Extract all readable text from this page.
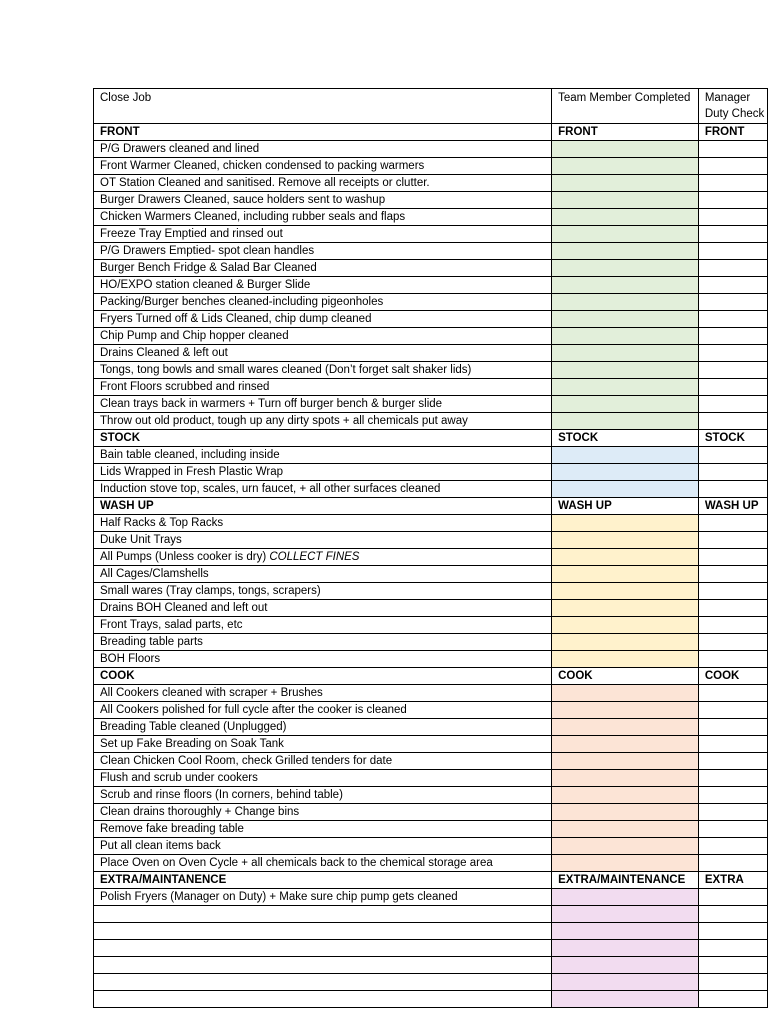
Close Job	Team Member Completed	Manager Duty Check
FRONT	FRONT	FRONT
P/G Drawers cleaned and lined		
Front Warmer Cleaned, chicken condensed to packing warmers		
OT Station Cleaned and sanitised. Remove all receipts or clutter.		
Burger Drawers Cleaned, sauce holders sent to washup		
Chicken Warmers Cleaned, including rubber seals and flaps		
Freeze Tray Emptied and rinsed out		
P/G Drawers Emptied- spot clean handles		
Burger Bench Fridge & Salad Bar Cleaned		
HO/EXPO station cleaned & Burger Slide		
Packing/Burger benches cleaned-including pigeonholes		
Fryers Turned off & Lids Cleaned, chip dump cleaned		
Chip Pump and Chip hopper cleaned		
Drains Cleaned & left out		
Tongs, tong bowls and small wares cleaned (Don’t forget salt shaker lids)		
Front Floors scrubbed and rinsed		
Clean trays back in warmers + Turn off burger bench & burger slide		
Throw out old product, tough up any dirty spots + all chemicals put away		
STOCK	STOCK	STOCK
Bain table cleaned, including inside		
Lids Wrapped in Fresh Plastic Wrap		
Induction stove top, scales, urn faucet, + all other surfaces cleaned		
WASH UP	WASH UP	WASH UP
Half Racks & Top Racks		
Duke Unit Trays		
All Pumps (Unless cooker is dry) COLLECT FINES		
All Cages/Clamshells		
Small wares (Tray clamps, tongs, scrapers)		
Drains BOH Cleaned and left out		
Front Trays, salad parts, etc		
Breading table parts		
BOH Floors		
COOK	COOK	COOK
All Cookers cleaned with scraper + Brushes		
All Cookers polished for full cycle after the cooker is cleaned		
Breading Table cleaned (Unplugged)		
Set up Fake Breading on Soak Tank		
Clean Chicken Cool Room, check Grilled tenders for date		
Flush and scrub under cookers		
Scrub and rinse floors (In corners, behind table)		
Clean drains thoroughly + Change bins		
Remove fake breading table		
Put all clean items back		
Place Oven on Oven Cycle + all chemicals back to the chemical storage area		
EXTRA/MAINTANENCE	EXTRA/MAINTENANCE	EXTRA
Polish Fryers (Manager on Duty) + Make sure chip pump gets cleaned		
